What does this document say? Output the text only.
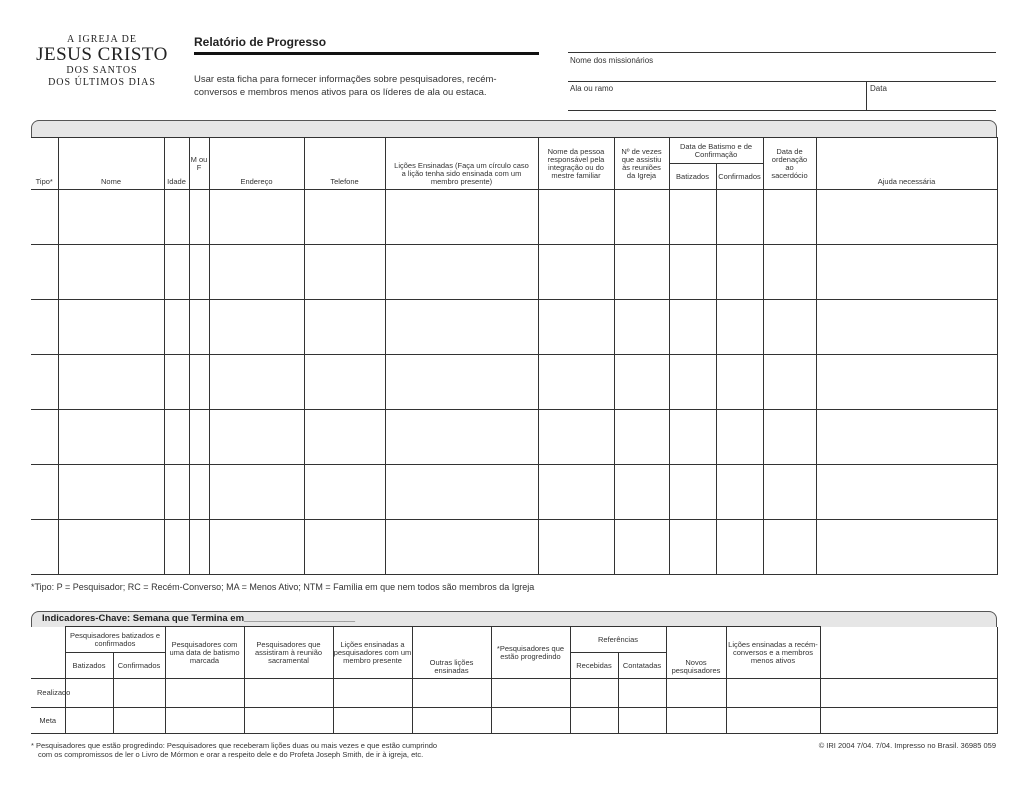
A IGREJA DE
JESUS CRISTO
DOS SANTOS
DOS ÚLTIMOS DIAS
Relatório de Progresso
Usar esta ficha para fornecer informações sobre pesquisadores, recém-conversos e membros menos ativos para os líderes de ala ou estaca.
Nome dos missionários
Ala ou ramo	Data
Tipo*	Nome	Idade	M ou F	Endereço	Telefone	Lições Ensinadas (Faça um círculo caso a lição tenha sido ensinada com um membro presente)	Nome da pessoa responsável pela integração ou do mestre familiar	Nº de vezes que assistiu às reuniões da Igreja	Data de Batismo e de Confirmação		Data de ordenação ao sacerdócio	Ajuda necessária
									Batizados	Confirmados		

*Tipo: P = Pesquisador; RC = Recém-Converso; MA = Menos Ativo; NTM = Família em que nem todos são membros da Igreja
Indicadores-Chave: Semana que Termina em_____________________
	Pesquisadores batizados e confirmados		Pesquisadores com uma data de batismo marcada	Pesquisadores que assistiram à reunião sacramental	Lições ensinadas a pesquisadores com um membro presente	Outras lições ensinadas	*Pesquisadores que estão progredindo	Referências		Novos pesquisadores	Lições ensinadas a recém-conversos e a membros menos ativos	
	Batizados	Confirmados						Recebidas	Contatadas			
Realizado												
Meta												
* Pesquisadores que estão progredindo: Pesquisadores que receberam lições duas ou mais vezes e que estão cumprindo
com os compromissos de ler o Livro de Mórmon e orar a respeito dele e do Profeta Joseph Smith, de ir à igreja, etc.
© IRI 2004 7/04. 7/04. Impresso no Brasil. 36985 059
